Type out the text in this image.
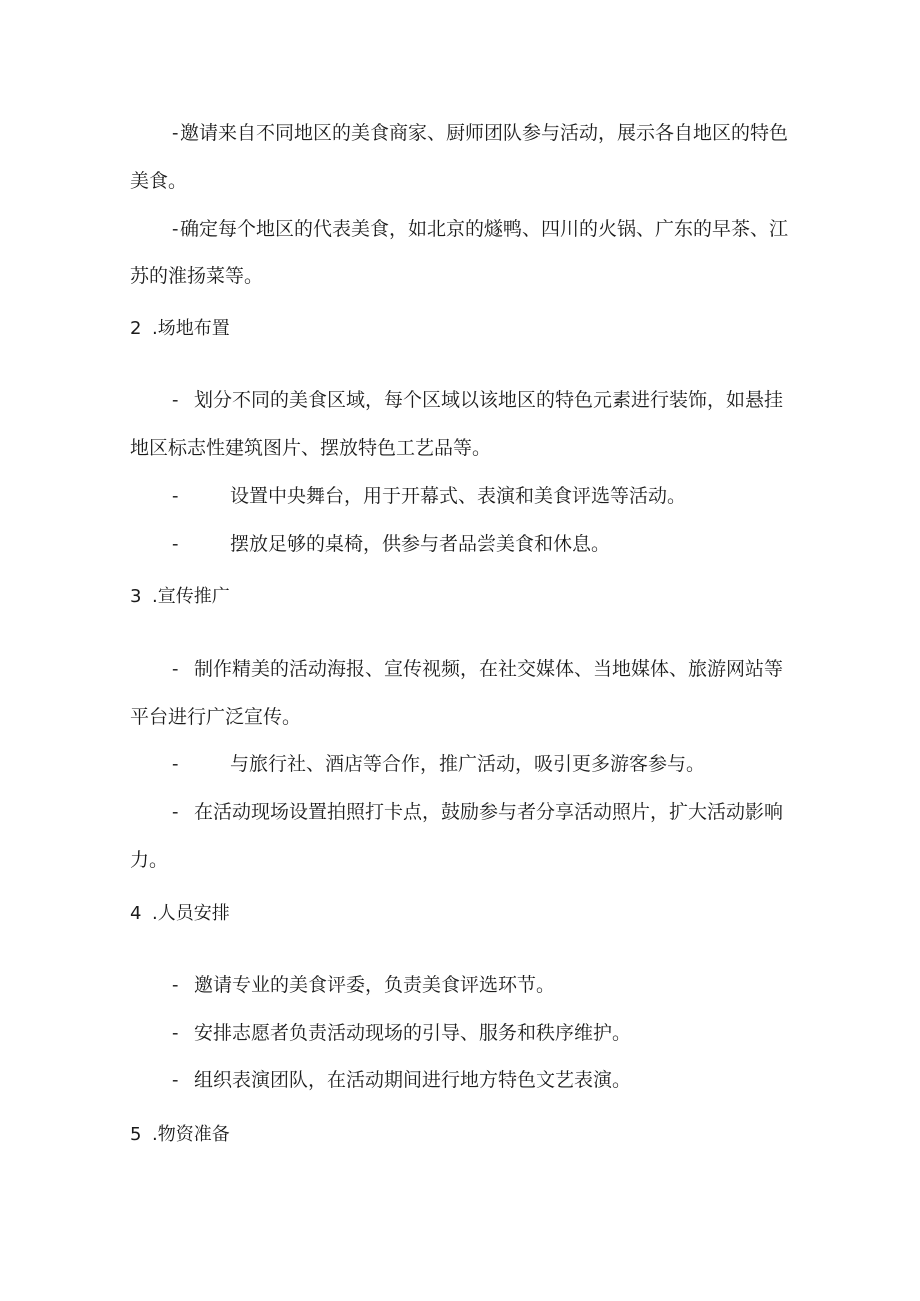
-邀请来自不同地区的美食商家、厨师团队参与活动，展示各自地区的特色

美食。

-确定每个地区的代表美食，如北京的燧鸭、四川的火锅、广东的早茶、江

苏的淮扬菜等。

2 .场地布置

- 划分不同的美食区域，每个区域以该地区的特色元素进行装饰，如悬挂

地区标志性建筑图片、摆放特色工艺品等。

-	设置中央舞台，用于开幕式、表演和美食评选等活动。

-	摆放足够的桌椅，供参与者品尝美食和休息。

3 .宣传推广

- 制作精美的活动海报、宣传视频，在社交媒体、当地媒体、旅游网站等

平台进行广泛宣传。

-	与旅行社、酒店等合作，推广活动，吸引更多游客参与。

- 在活动现场设置拍照打卡点，鼓励参与者分享活动照片，扩大活动影响

力。

4 .人员安排

- 邀请专业的美食评委，负责美食评选环节。

- 安排志愿者负责活动现场的引导、服务和秩序维护。

- 组织表演团队，在活动期间进行地方特色文艺表演。

5 .物资准备
